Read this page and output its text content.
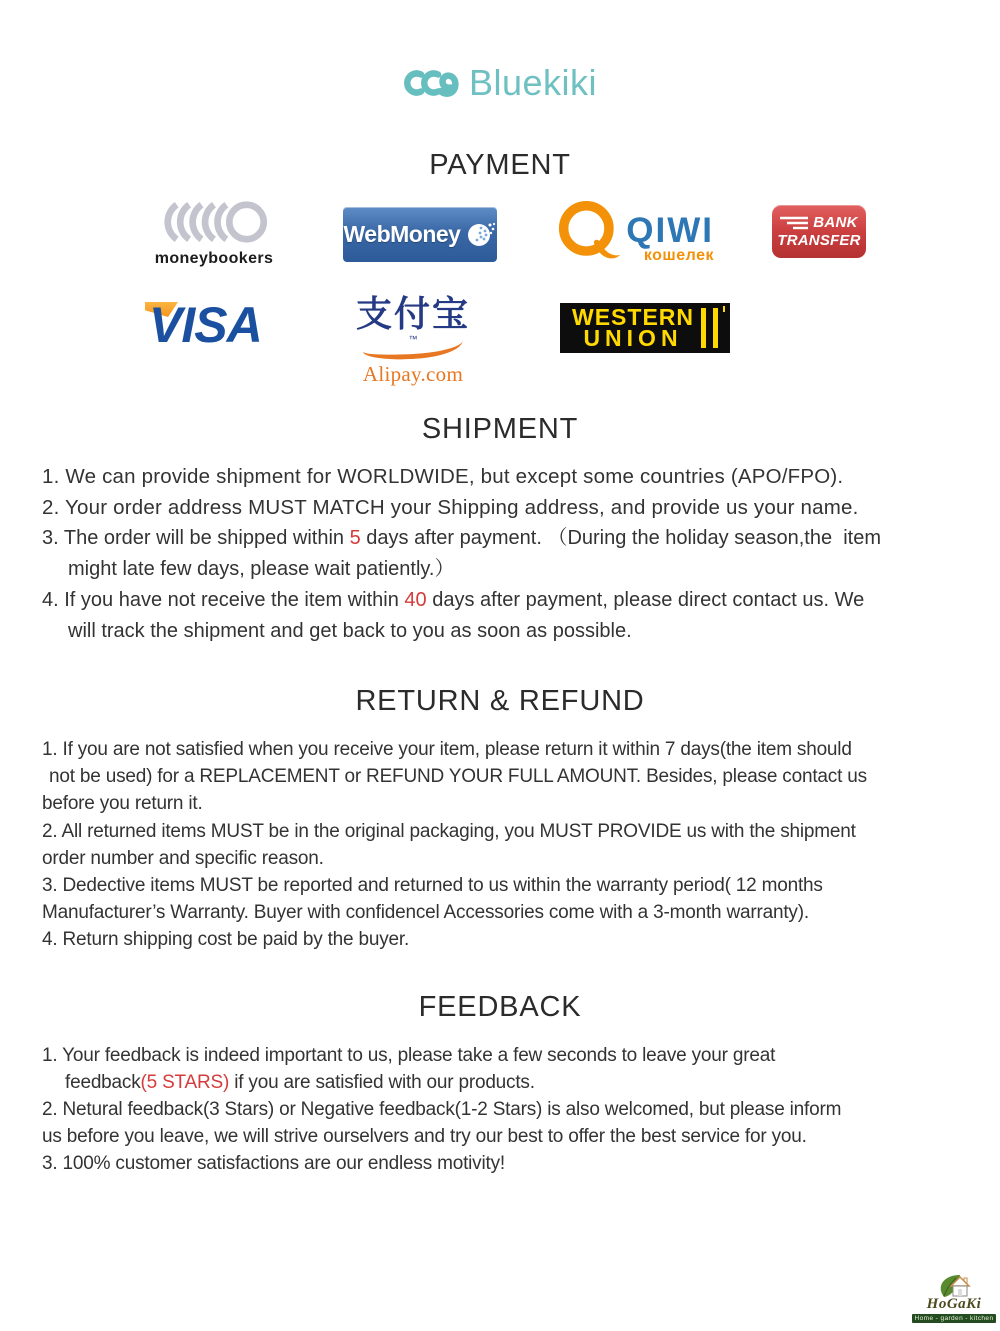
Bluekiki
PAYMENT
moneybookers
WebMoney	QIWI
кошелек
BANK
TRANSFER
VISA	支付宝™
Alipay.com
WESTERN
UNION
SHIPMENT
1. We can provide shipment for WORLDWIDE, but except some countries (APO/FPO).
2. Your order address MUST MATCH your Shipping address, and provide us your name.
3. The order will be shipped within 5 days after payment. （During the holiday season,the  item
might late few days, please wait patiently.）
4. If you have not receive the item within 40 days after payment, please direct contact us. We
will track the shipment and get back to you as soon as possible.
RETURN & REFUND
1. If you are not satisfied when you receive your item, please return it within 7 days(the item should
not be used) for a REPLACEMENT or REFUND YOUR FULL AMOUNT. Besides, please contact us
before you return it.
2. All returned items MUST be in the original packaging, you MUST PROVIDE us with the shipment
order number and specific reason.
3. Dedective items MUST be reported and returned to us within the warranty period( 12 months
Manufacturer’s Warranty. Buyer with confidencel Accessories come with a 3-month warranty).
4. Return shipping cost be paid by the buyer.
FEEDBACK
1. Your feedback is indeed important to us, please take a few seconds to leave your great
feedback(5 STARS) if you are satisfied with our products.
2. Netural feedback(3 Stars) or Negative feedback(1-2 Stars) is also welcomed, but please inform
us before you leave, we will strive ourselvers and try our best to offer the best service for you.
3. 100% customer satisfactions are our endless motivity!
HoGaKi
Home - garden - kitchen
